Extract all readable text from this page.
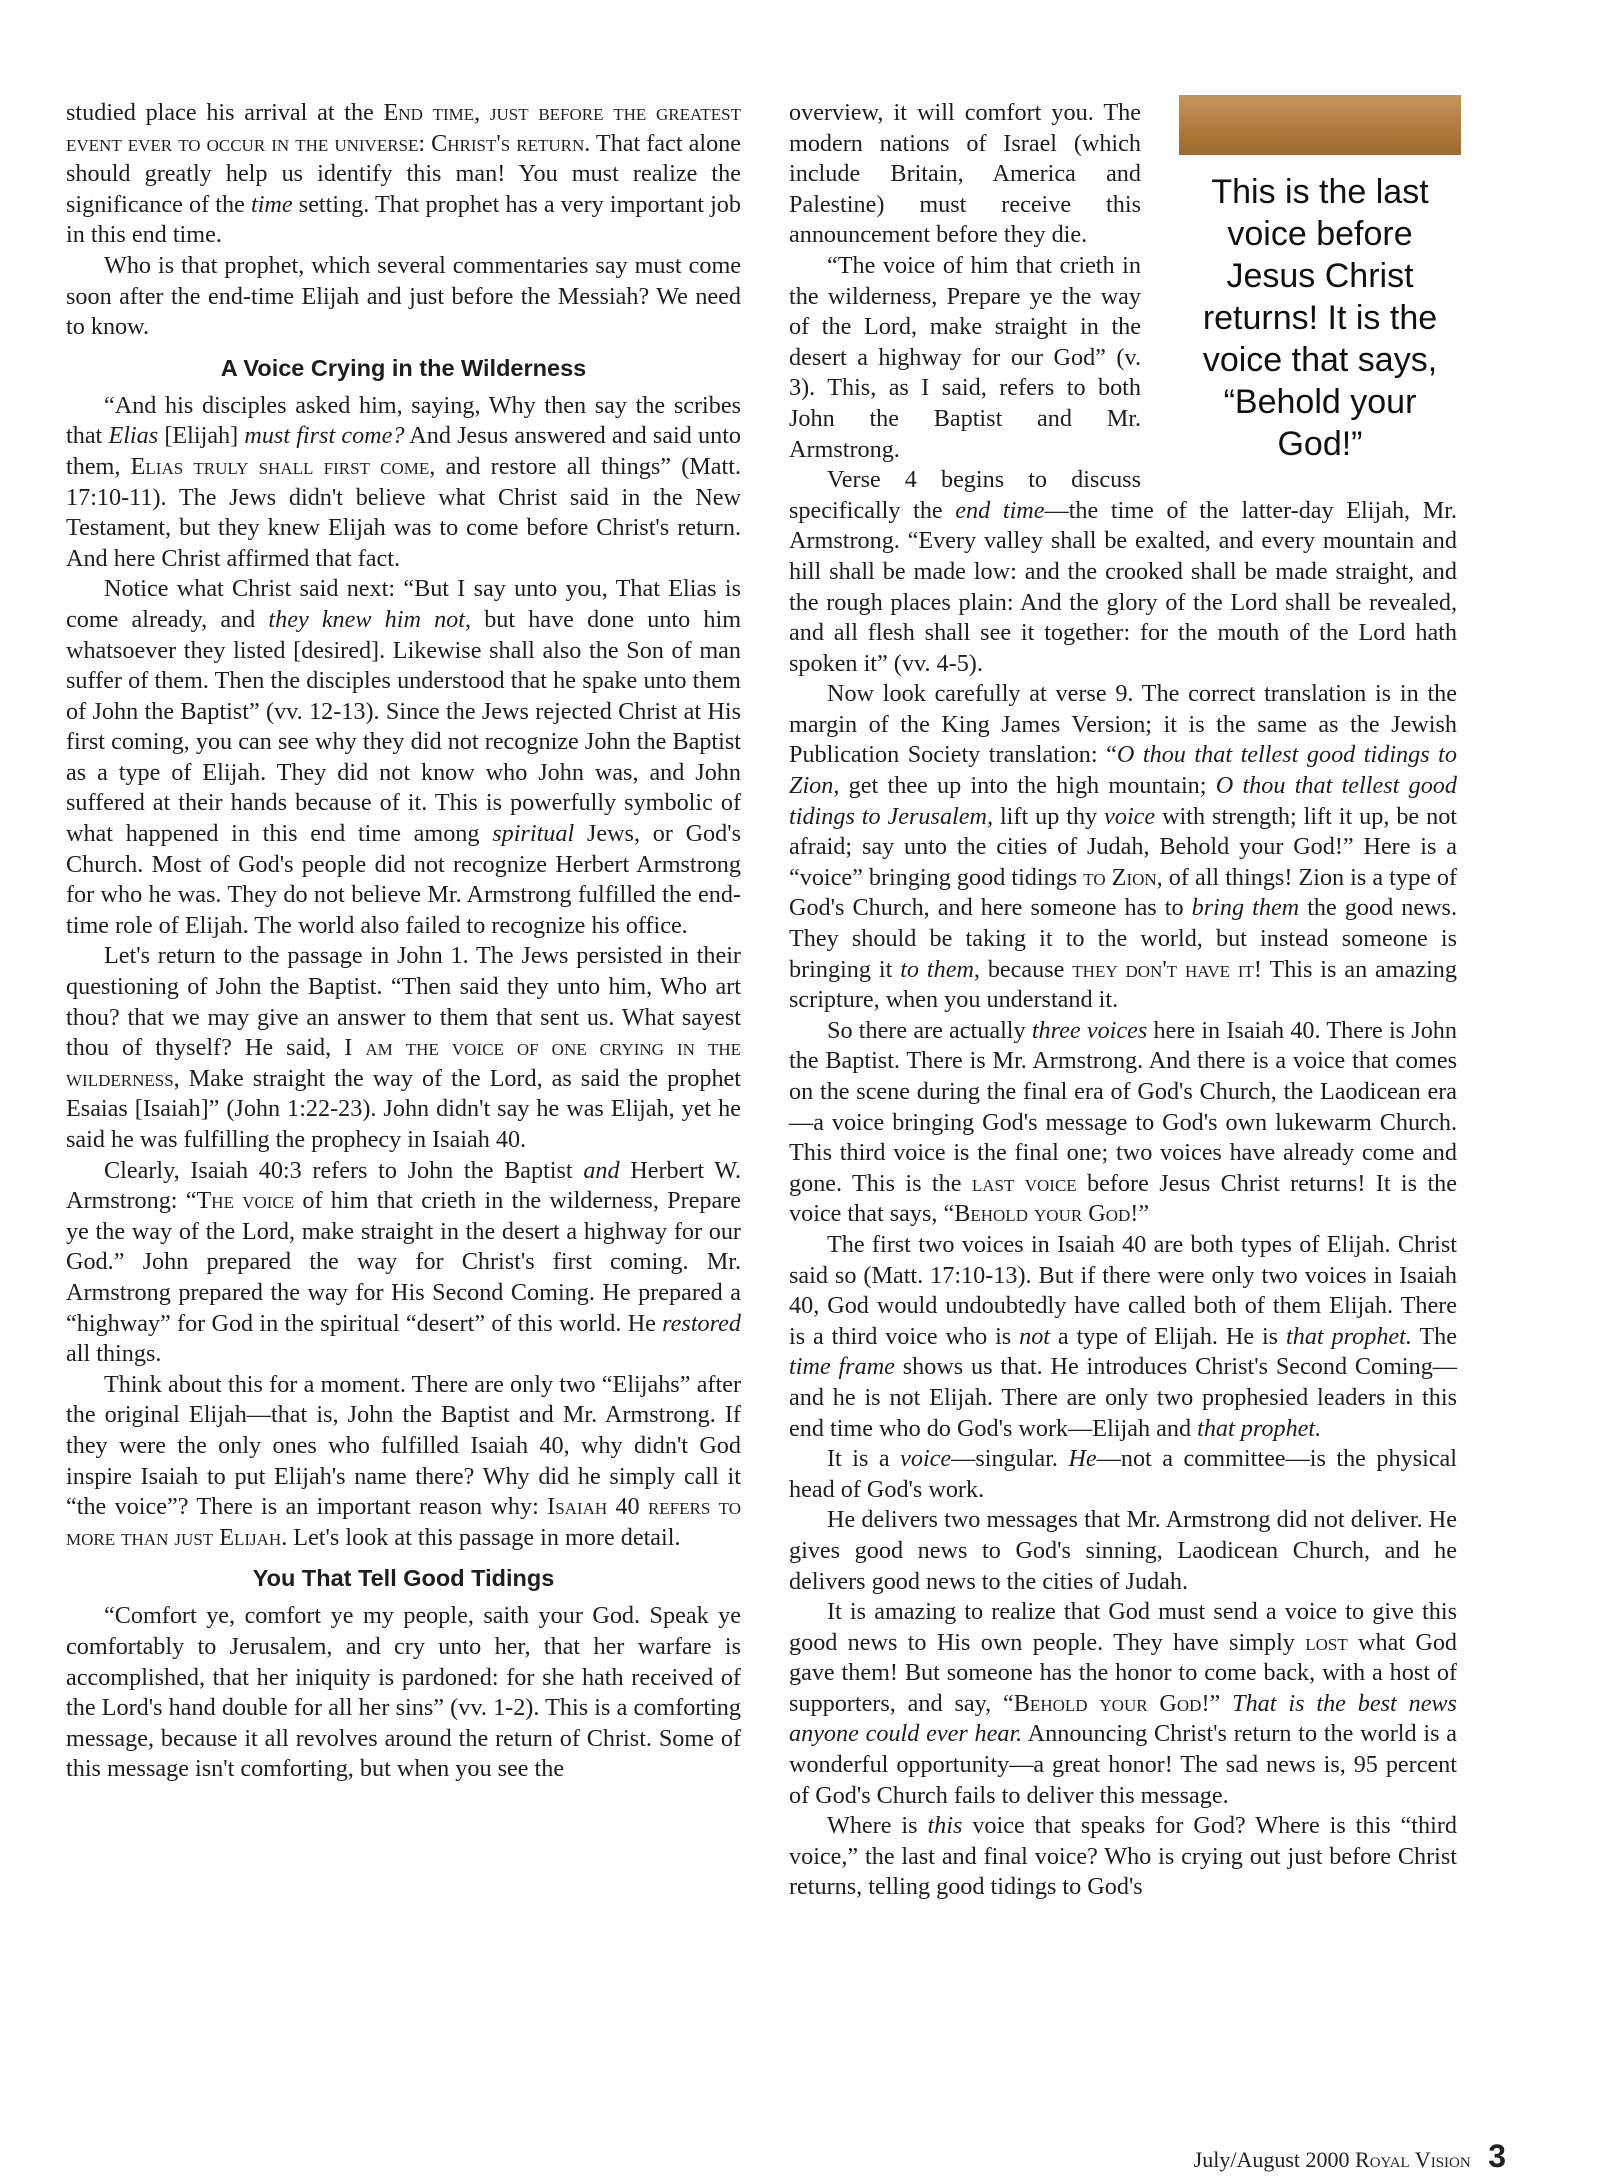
studied place his arrival at the End time, just before the greatest event ever to occur in the universe: Christ's return. That fact alone should greatly help us identify this man! You must realize the significance of the time setting. That prophet has a very important job in this end time.

Who is that prophet, which several commentaries say must come soon after the end-time Elijah and just before the Messiah? We need to know.

A Voice Crying in the Wilderness

“And his disciples asked him, saying, Why then say the scribes that Elias [Elijah] must first come? And Jesus answered and said unto them, Elias truly shall first come, and restore all things” (Matt. 17:10-11). The Jews didn't believe what Christ said in the New Testament, but they knew Elijah was to come before Christ's return. And here Christ affirmed that fact.

Notice what Christ said next: “But I say unto you, That Elias is come already, and they knew him not, but have done unto him whatsoever they listed [desired]. Likewise shall also the Son of man suffer of them. Then the disciples understood that he spake unto them of John the Baptist” (vv. 12-13). Since the Jews rejected Christ at His first coming, you can see why they did not recognize John the Baptist as a type of Elijah. They did not know who John was, and John suffered at their hands because of it. This is powerfully symbolic of what happened in this end time among spiritual Jews, or God's Church. Most of God's people did not recognize Herbert Armstrong for who he was. They do not believe Mr. Armstrong fulfilled the end-time role of Elijah. The world also failed to recognize his office.

Let's return to the passage in John 1. The Jews persisted in their questioning of John the Baptist. “Then said they unto him, Who art thou? that we may give an answer to them that sent us. What sayest thou of thyself? He said, I am the voice of one crying in the wilderness, Make straight the way of the Lord, as said the prophet Esaias [Isaiah]” (John 1:22-23). John didn't say he was Elijah, yet he said he was fulfilling the prophecy in Isaiah 40.

Clearly, Isaiah 40:3 refers to John the Baptist and Herbert W. Armstrong: “The voice of him that crieth in the wilderness, Prepare ye the way of the Lord, make straight in the desert a highway for our God.” John prepared the way for Christ's first coming. Mr. Armstrong prepared the way for His Second Coming. He prepared a “highway” for God in the spiritual “desert” of this world. He restored all things.

Think about this for a moment. There are only two “Elijahs” after the original Elijah—that is, John the Baptist and Mr. Armstrong. If they were the only ones who fulfilled Isaiah 40, why didn't God inspire Isaiah to put Elijah's name there? Why did he simply call it “the voice”? There is an important reason why: Isaiah 40 refers to more than just Elijah. Let's look at this passage in more detail.

You That Tell Good Tidings

“Comfort ye, comfort ye my people, saith your God. Speak ye comfortably to Jerusalem, and cry unto her, that her warfare is accomplished, that her iniquity is pardoned: for she hath received of the Lord's hand double for all her sins” (vv. 1-2). This is a comforting message, because it all revolves around the return of Christ. Some of this message isn't comforting, but when you see the

This is the last voice before Jesus Christ returns! It is the voice that says, “Behold your God!”

overview, it will comfort you. The modern nations of Israel (which include Britain, America and Palestine) must receive this announcement before they die.

“The voice of him that crieth in the wilderness, Prepare ye the way of the Lord, make straight in the desert a highway for our God” (v. 3). This, as I said, refers to both John the Baptist and Mr. Armstrong.

Verse 4 begins to discuss specifically the end time—the time of the latter-day Elijah, Mr. Armstrong. “Every valley shall be exalted, and every mountain and hill shall be made low: and the crooked shall be made straight, and the rough places plain: And the glory of the Lord shall be revealed, and all flesh shall see it together: for the mouth of the Lord hath spoken it” (vv. 4-5).

Now look carefully at verse 9. The correct translation is in the margin of the King James Version; it is the same as the Jewish Publication Society translation: “O thou that tellest good tidings to Zion, get thee up into the high mountain; O thou that tellest good tidings to Jerusalem, lift up thy voice with strength; lift it up, be not afraid; say unto the cities of Judah, Behold your God!” Here is a “voice” bringing good tidings to Zion, of all things! Zion is a type of God's Church, and here someone has to bring them the good news. They should be taking it to the world, but instead someone is bringing it to them, because they don't have it! This is an amazing scripture, when you understand it.

So there are actually three voices here in Isaiah 40. There is John the Baptist. There is Mr. Armstrong. And there is a voice that comes on the scene during the final era of God's Church, the Laodicean era—a voice bringing God's message to God's own lukewarm Church. This third voice is the final one; two voices have already come and gone. This is the last voice before Jesus Christ returns! It is the voice that says, “Behold your God!”

The first two voices in Isaiah 40 are both types of Elijah. Christ said so (Matt. 17:10-13). But if there were only two voices in Isaiah 40, God would undoubtedly have called both of them Elijah. There is a third voice who is not a type of Elijah. He is that prophet. The time frame shows us that. He introduces Christ's Second Coming—and he is not Elijah. There are only two prophesied leaders in this end time who do God's work—Elijah and that prophet.

It is a voice—singular. He—not a committee—is the physical head of God's work.

He delivers two messages that Mr. Armstrong did not deliver. He gives good news to God's sinning, Laodicean Church, and he delivers good news to the cities of Judah.

It is amazing to realize that God must send a voice to give this good news to His own people. They have simply lost what God gave them! But someone has the honor to come back, with a host of supporters, and say, “Behold your God!” That is the best news anyone could ever hear. Announcing Christ's return to the world is a wonderful opportunity—a great honor! The sad news is, 95 percent of God's Church fails to deliver this message.

Where is this voice that speaks for God? Where is this “third voice,” the last and final voice? Who is crying out just before Christ returns, telling good tidings to God's

July/August 2000 Royal Vision 3
